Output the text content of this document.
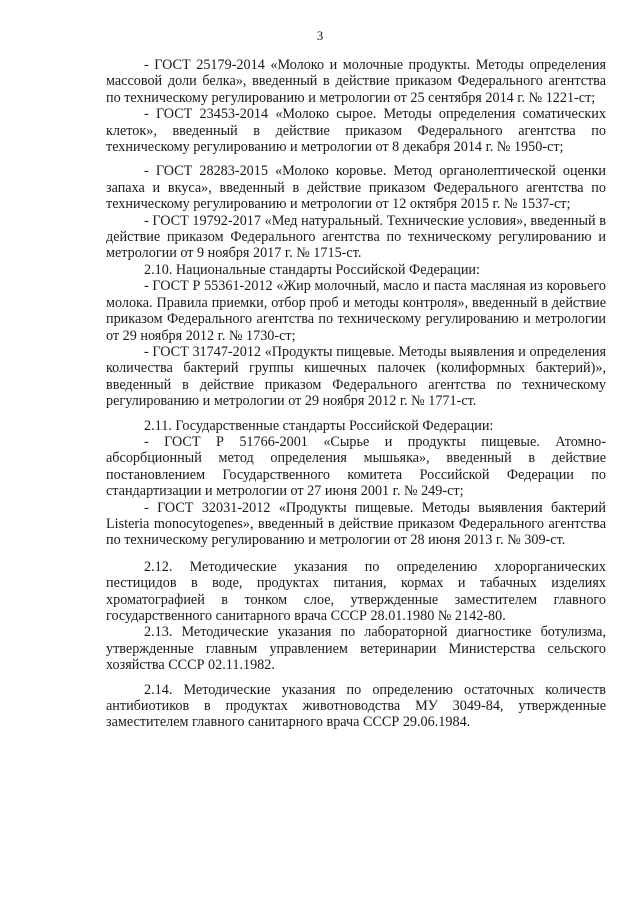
3

- ГОСТ 25179-2014 «Молоко и молочные продукты. Методы определения массовой доли белка», введенный в действие приказом Федерального агентства по техническому регулированию и метрологии от 25 сентября 2014 г. № 1221-ст;

- ГОСТ 23453-2014 «Молоко сырое. Методы определения соматических клеток», введенный в действие приказом Федерального агентства по техническому регулированию и метрологии от 8 декабря 2014 г. № 1950-ст;

- ГОСТ 28283-2015 «Молоко коровье. Метод органолептической оценки запаха и вкуса», введенный в действие приказом Федерального агентства по техническому регулированию и метрологии от 12 октября 2015 г. № 1537-ст;

- ГОСТ 19792-2017 «Мед натуральный. Технические условия», введенный в действие приказом Федерального агентства по техническому регулированию и метрологии от 9 ноября 2017 г. № 1715-ст.

2.10. Национальные стандарты Российской Федерации:

- ГОСТ Р 55361-2012 «Жир молочный, масло и паста масляная из коровьего молока. Правила приемки, отбор проб и методы контроля», введенный в действие приказом Федерального агентства по техническому регулированию и метрологии от 29 ноября 2012 г. № 1730-ст;

- ГОСТ 31747-2012 «Продукты пищевые. Методы выявления и определения количества бактерий группы кишечных палочек (колиформных бактерий)», введенный в действие приказом Федерального агентства по техническому регулированию и метрологии от 29 ноября 2012 г. № 1771-ст.

2.11. Государственные стандарты Российской Федерации:

- ГОСТ Р 51766-2001 «Сырье и продукты пищевые. Атомно-абсорбционный метод определения мышьяка», введенный в действие постановлением Государственного комитета Российской Федерации по стандартизации и метрологии от 27 июня 2001 г. № 249-ст;

- ГОСТ 32031-2012 «Продукты пищевые. Методы выявления бактерий Listeria monocytogenes», введенный в действие приказом Федерального агентства по техническому регулированию и метрологии от 28 июня 2013 г. № 309-ст.

2.12. Методические указания по определению хлорорганических пестицидов в воде, продуктах питания, кормах и табачных изделиях хроматографией в тонком слое, утвержденные заместителем главного государственного санитарного врача СССР 28.01.1980 № 2142-80.

2.13. Методические указания по лабораторной диагностике ботулизма, утвержденные главным управлением ветеринарии Министерства сельского хозяйства СССР 02.11.1982.

2.14. Методические указания по определению остаточных количеств антибиотиков в продуктах животноводства МУ 3049-84, утвержденные заместителем главного санитарного врача СССР 29.06.1984.
